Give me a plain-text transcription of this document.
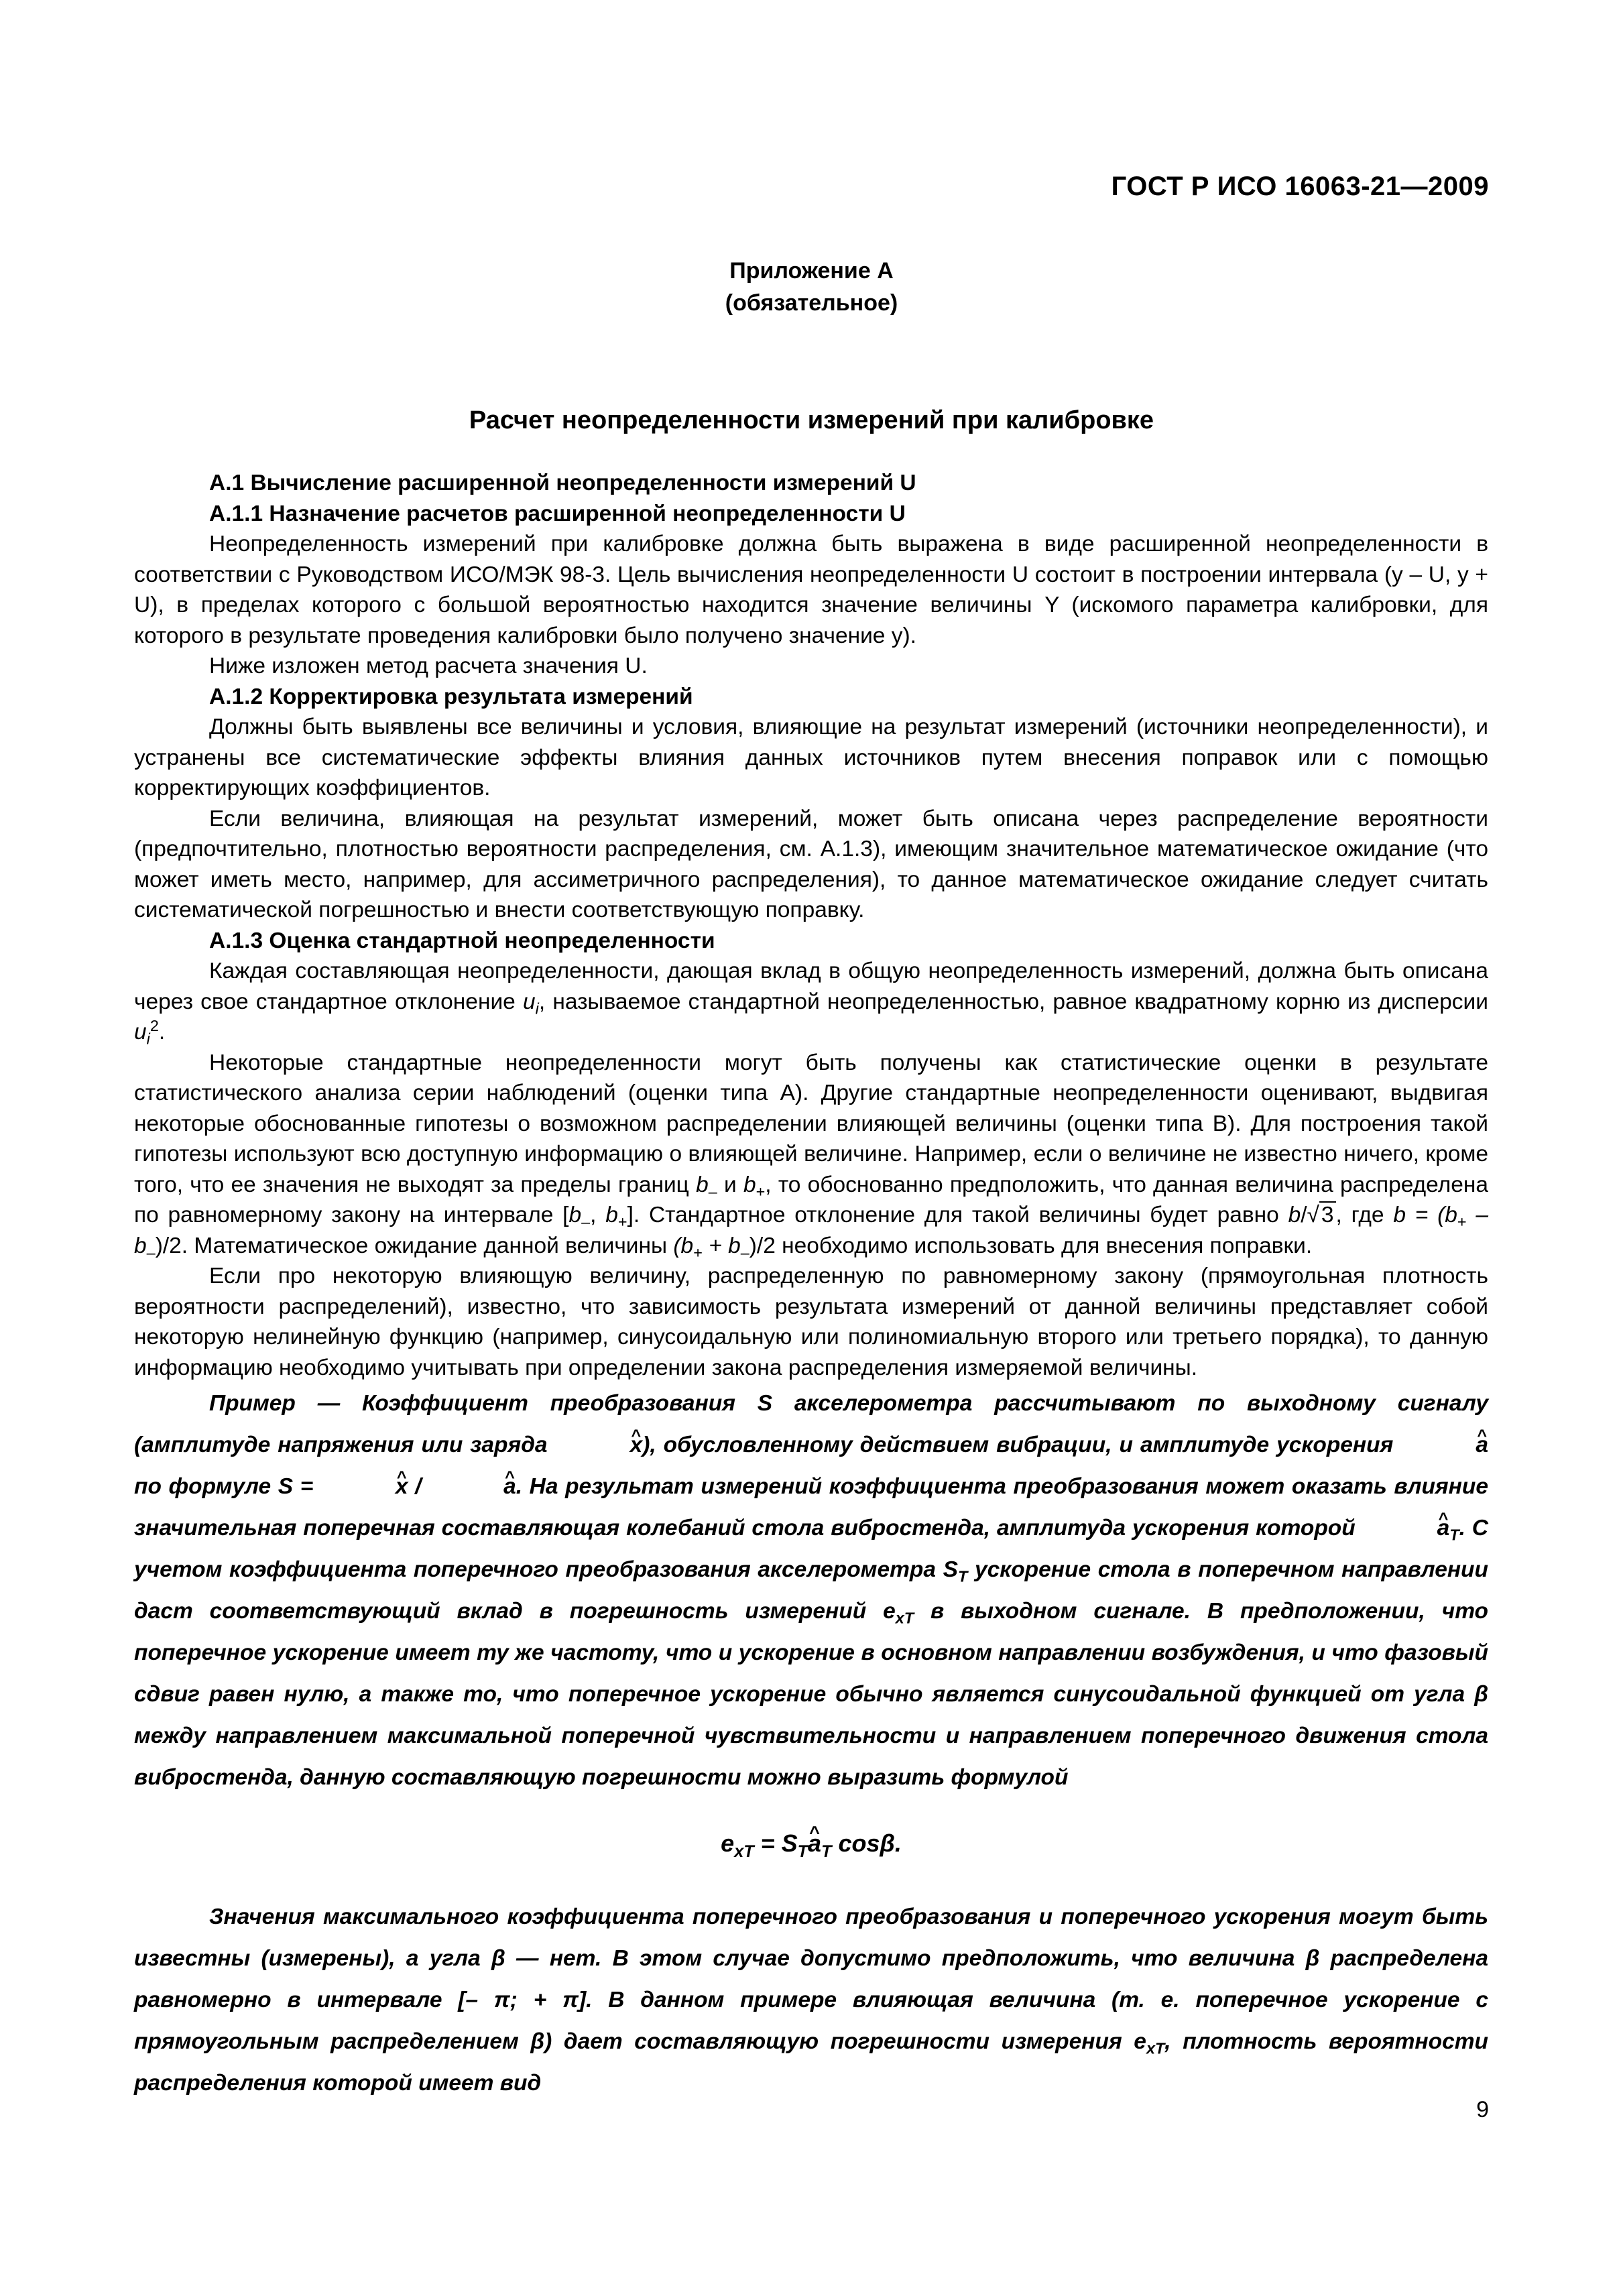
ГОСТ Р ИСО 16063-21—2009
Приложение А
(обязательное)
Расчет неопределенности измерений при калибровке

А.1 Вычисление расширенной неопределенности измерений U

А.1.1 Назначение расчетов расширенной неопределенности U

Неопределенность измерений при калибровке должна быть выражена в виде расширенной неопределенности в соответствии с Руководством ИСО/МЭК 98-3. Цель вычисления неопределенности U состоит в построении интервала (y – U, y + U), в пределах которого с большой вероятностью находится значение величины Y (искомого параметра калибровки, для которого в результате проведения калибровки было получено значение y).

Ниже изложен метод расчета значения U.

А.1.2 Корректировка результата измерений

Должны быть выявлены все величины и условия, влияющие на результат измерений (источники неопределенности), и устранены все систематические эффекты влияния данных источников путем внесения поправок или с помощью корректирующих коэффициентов.

Если величина, влияющая на результат измерений, может быть описана через распределение вероятности (предпочтительно, плотностью вероятности распределения, см. А.1.3), имеющим значительное математическое ожидание (что может иметь место, например, для ассиметричного распределения), то данное математическое ожидание следует считать систематической погрешностью и внести соответствующую поправку.

А.1.3 Оценка стандартной неопределенности

Каждая составляющая неопределенности, дающая вклад в общую неопределенность измерений, должна быть описана через свое стандартное отклонение $u_i$, называемое стандартной неопределенностью, равное квадратному корню из дисперсии $u_i^2$.

Некоторые стандартные неопределенности могут быть получены как статистические оценки в результате статистического анализа серии наблюдений (оценки типа А). Другие стандартные неопределенности оценивают, выдвигая некоторые обоснованные гипотезы о возможном распределении влияющей величины (оценки типа В). Для построения такой гипотезы используют всю доступную информацию о влияющей величине. Например, если о величине не известно ничего, кроме того, что ее значения не выходят за пределы границ $b_-$ и $b_+$, то обоснованно предположить, что данная величина распределена по равномерному закону на интервале [$b_-$, $b_+$]. Стандартное отклонение для такой величины будет равно b/√3, где $b = (b_+ - b_-)/2$. Математическое ожидание данной величины $(b_+ + b_-)/2$ необходимо использовать для внесения поправки.

Если про некоторую влияющую величину, распределенную по равномерному закону (прямоугольная плотность вероятности распределений), известно, что зависимость результата измерений от данной величины представляет собой некоторую нелинейную функцию (например, синусоидальную или полиномиальную второго или третьего порядка), то данную информацию необходимо учитывать при определении закона распределения измеряемой величины.

Пример — Коэффициент преобразования S акселерометра рассчитывают по выходному сигналу (амплитуде напряжения или заряда	^ x), обусловленному действием вибрации, и амплитуде ускорения	^ a по формуле S =	^ x /	^ a. На результат измерений коэффициента преобразования может оказать влияние значительная поперечная составляющая колебаний стола вибростенда, амплитуда ускорения которой	^ $a_T$. С учетом коэффициента поперечного преобразования акселерометра $S_T$ ускорение стола в поперечном направлении даст соответствующий вклад в погрешность измерений $e_{xT}$ в выходном сигнале. В предположении, что поперечное ускорение имеет ту же частоту, что и ускорение в основном направлении возбуждения, и что фазовый сдвиг равен нулю, а также то, что поперечное ускорение обычно является синусоидальной функцией от угла β между направлением максимальной поперечной чувствительности и направлением поперечного движения стола вибростенда, данную составляющую погрешности можно выразить формулой

$e_{xT}$ = $S_T\^{}$ $a_T$ cosβ.

Значения максимального коэффициента поперечного преобразования и поперечного ускорения могут быть известны (измерены), а угла β — нет. В этом случае допустимо предположить, что величина β распределена равномерно в интервале [– π; + π]. В данном примере влияющая величина (т. е. поперечное ускорение с прямоугольным распределением β) дает составляющую погрешности измерения $e_{xT}$, плотность вероятности распределения которой имеет вид

9
